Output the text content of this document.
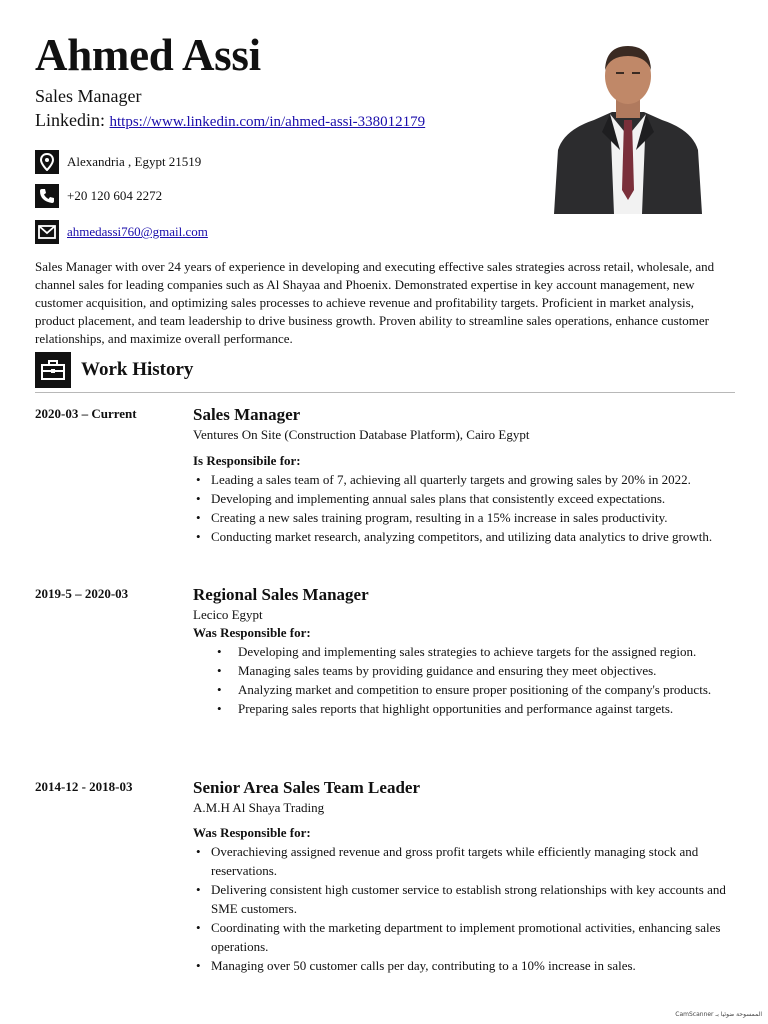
Ahmed Assi
Sales Manager
Linkedin: https://www.linkedin.com/in/ahmed-assi-338012179
Alexandria , Egypt 21519
+20 120 604 2272
ahmedassi760@gmail.com
Sales Manager with over 24 years of experience in developing and executing effective sales strategies across retail, wholesale, and channel sales for leading companies such as Al Shayaa and Phoenix. Demonstrated expertise in key account management, new customer acquisition, and optimizing sales processes to achieve revenue and profitability targets. Proficient in market analysis, product placement, and team leadership to drive business growth. Proven ability to streamline sales operations, enhance customer relationships, and maximize overall performance.
Work History
2020-03 – Current	Sales Manager
Ventures On Site (Construction Database Platform), Cairo Egypt
Is Responsibile for:
• Leading a sales team of 7, achieving all quarterly targets and growing sales by 20% in 2022.
• Developing and implementing annual sales plans that consistently exceed expectations.
• Creating a new sales training program, resulting in a 15% increase in sales productivity.
• Conducting market research, analyzing competitors, and utilizing data analytics to drive growth.
2019-5 – 2020-03	Regional Sales Manager
Lecico Egypt
Was Responsible for:
• Developing and implementing sales strategies to achieve targets for the assigned region.
• Managing sales teams by providing guidance and ensuring they meet objectives.
• Analyzing market and competition to ensure proper positioning of the company's products.
• Preparing sales reports that highlight opportunities and performance against targets.
2014-12 - 2018-03	Senior Area Sales Team Leader
A.M.H Al Shaya Trading
Was Responsible for:
• Overachieving assigned revenue and gross profit targets while efficiently managing stock and reservations.
• Delivering consistent high customer service to establish strong relationships with key accounts and SME customers.
• Coordinating with the marketing department to implement promotional activities, enhancing sales operations.
• Managing over 50 customer calls per day, contributing to a 10% increase in sales.
CamScanner الممسوحة ضوئيا بـ
